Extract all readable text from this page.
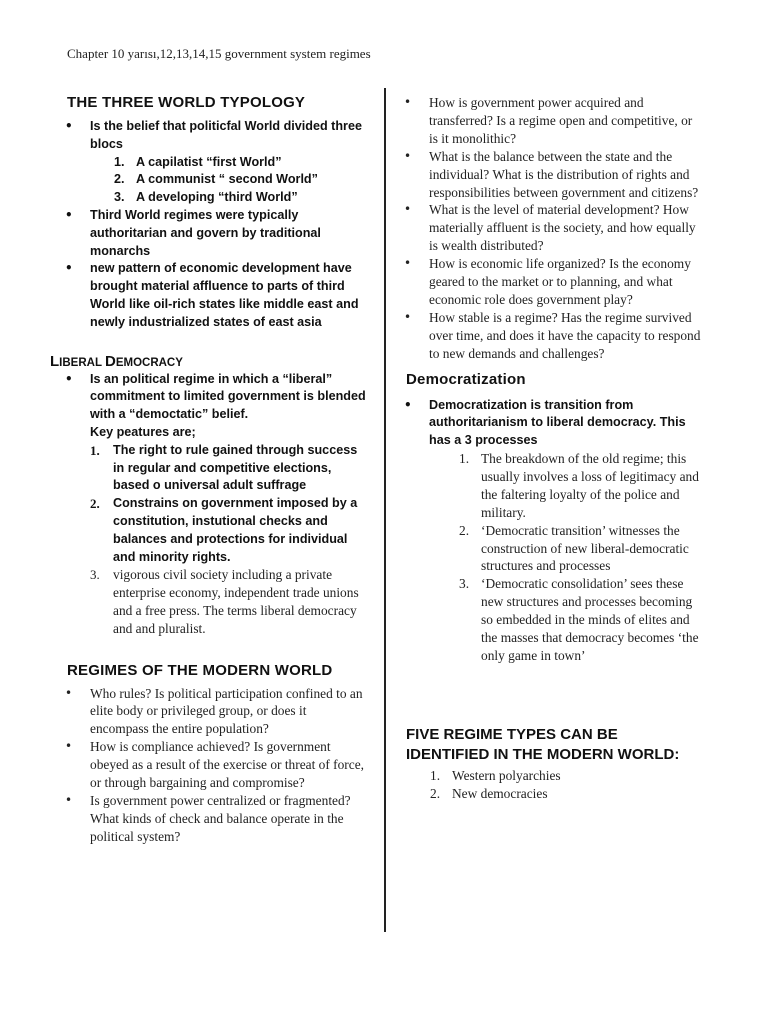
Chapter 10 yarısı,12,13,14,15 government system regimes
THE THREE WORLD TYPOLOGY
• Is the belief that politicfal World divided three blocs
1. A capilatist “first World”
2. A communist “ second World”
3. A developing “third World”
• Third World regimes were typically authoritarian and govern by traditional monarchs
• new pattern of economic development have brought material affluence to parts of third World like oil-rich states like middle east and newly industrialized states of east asia
LIBERAL DEMOCRACY
• Is an political regime in which a “liberal” commitment to limited government is blended with a “democtatic” belief.
Key peatures are;
1. The right to rule gained through success in regular and competitive elections, based o universal adult suffrage
2. Constrains on government imposed by a constitution, instutional checks and balances and protections for individual and minority rights.
3. vigorous civil society including a private enterprise economy, independent trade unions and a free press. The terms liberal democracy and and pluralist.
REGIMES OF THE MODERN WORLD
• Who rules? Is political participation confined to an elite body or privileged group, or does it encompass the entire population?
• How is compliance achieved? Is government obeyed as a result of the exercise or threat of force, or through bargaining and compromise?
• Is government power centralized or fragmented? What kinds of check and balance operate in the political system?
• How is government power acquired and transferred? Is a regime open and competitive, or is it monolithic?
• What is the balance between the state and the individual? What is the distribution of rights and responsibilities between government and citizens?
• What is the level of material development? How materially affluent is the society, and how equally is wealth distributed?
• How is economic life organized? Is the economy geared to the market or to planning, and what economic role does government play?
• How stable is a regime? Has the regime survived over time, and does it have the capacity to respond to new demands and challenges?
Democratization
• Democratization is transition from authoritarianism to liberal democracy. This has a 3 processes
1. The breakdown of the old regime; this usually involves a loss of legitimacy and the faltering loyalty of the police and military.
2. ‘Democratic transition’ witnesses the construction of new liberal-democratic structures and processes
3. ‘Democratic consolidation’ sees these new structures and processes becoming so embedded in the minds of elites and the masses that democracy becomes ‘the only game in town’
FIVE REGIME TYPES CAN BE IDENTIFIED IN THE MODERN WORLD:
1. Western polyarchies
2. New democracies
